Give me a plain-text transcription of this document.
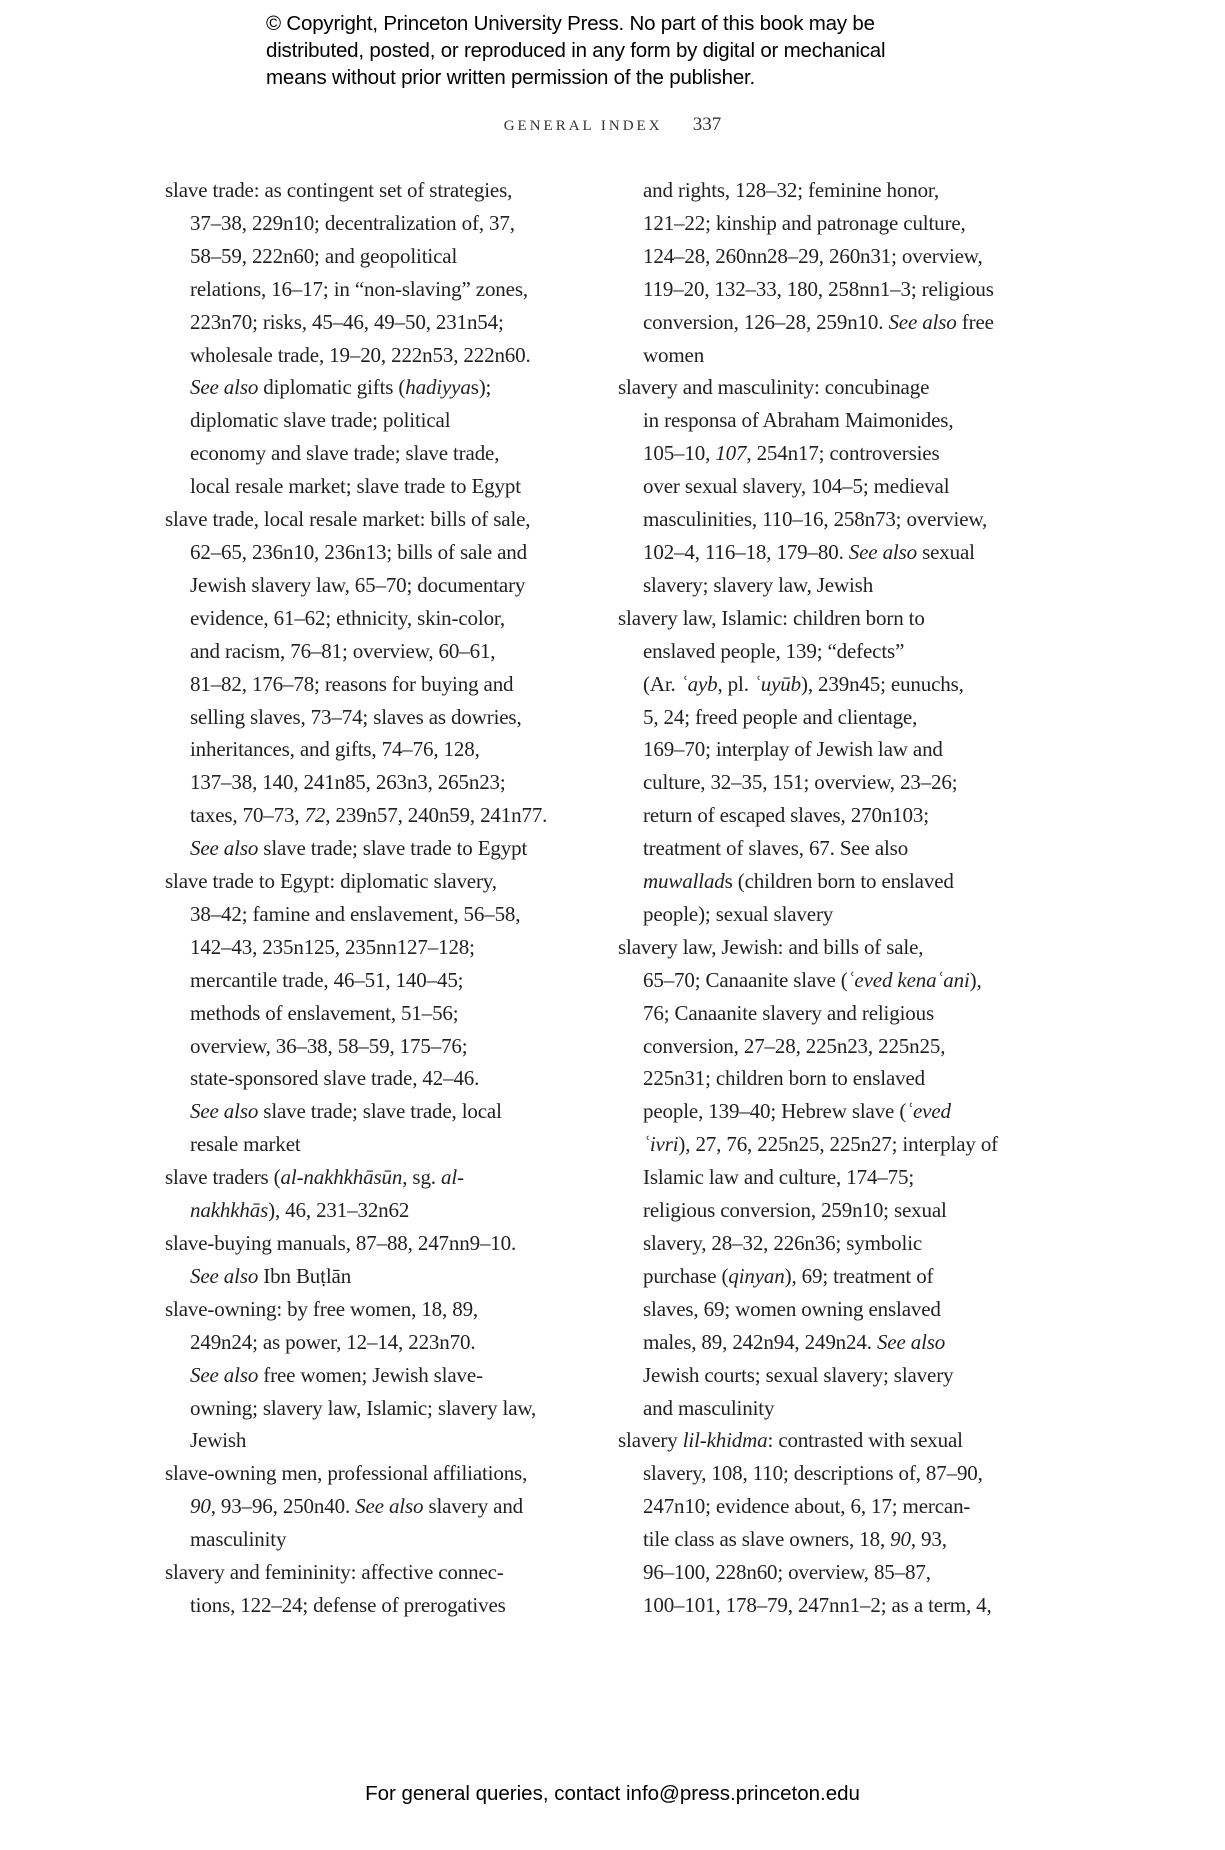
© Copyright, Princeton University Press. No part of this book may be
distributed, posted, or reproduced in any form by digital or mechanical
means without prior written permission of the publisher.
GENERAL INDEX 337
slave trade: as contingent set of strategies,
37–38, 229n10; decentralization of, 37,
58–59, 222n60; and geopolitical
relations, 16–17; in “non-slaving” zones,
223n70; risks, 45–46, 49–50, 231n54;
wholesale trade, 19–20, 222n53, 222n60.
See also diplomatic gifts (hadiyyas);
diplomatic slave trade; political
economy and slave trade; slave trade,
local resale market; slave trade to Egypt
slave trade, local resale market: bills of sale,
62–65, 236n10, 236n13; bills of sale and
Jewish slavery law, 65–70; documentary
evidence, 61–62; ethnicity, skin-color,
and racism, 76–81; overview, 60–61,
81–82, 176–78; reasons for buying and
selling slaves, 73–74; slaves as dowries,
inheritances, and gifts, 74–76, 128,
137–38, 140, 241n85, 263n3, 265n23;
taxes, 70–73, 72, 239n57, 240n59, 241n77.
See also slave trade; slave trade to Egypt
slave trade to Egypt: diplomatic slavery,
38–42; famine and enslavement, 56–58,
142–43, 235n125, 235nn127–128;
mercantile trade, 46–51, 140–45;
methods of enslavement, 51–56;
overview, 36–38, 58–59, 175–76;
state-sponsored slave trade, 42–46.
See also slave trade; slave trade, local
resale market
slave traders (al-nakhkhāsūn, sg. al-
nakhkhās), 46, 231–32n62
slave-buying manuals, 87–88, 247nn9–10.
See also Ibn Buṭlān
slave-owning: by free women, 18, 89,
249n24; as power, 12–14, 223n70.
See also free women; Jewish slave-
owning; slavery law, Islamic; slavery law,
Jewish
slave-owning men, professional affiliations,
90, 93–96, 250n40. See also slavery and
masculinity
slavery and femininity: affective connec-
tions, 122–24; defense of prerogatives
and rights, 128–32; feminine honor,
121–22; kinship and patronage culture,
124–28, 260nn28–29, 260n31; overview,
119–20, 132–33, 180, 258nn1–3; religious
conversion, 126–28, 259n10. See also free
women
slavery and masculinity: concubinage
in responsa of Abraham Maimonides,
105–10, 107, 254n17; controversies
over sexual slavery, 104–5; medieval
masculinities, 110–16, 258n73; overview,
102–4, 116–18, 179–80. See also sexual
slavery; slavery law, Jewish
slavery law, Islamic: children born to
enslaved people, 139; “defects”
(Ar. ʿayb, pl. ʿuyūb), 239n45; eunuchs,
5, 24; freed people and clientage,
169–70; interplay of Jewish law and
culture, 32–35, 151; overview, 23–26;
return of escaped slaves, 270n103;
treatment of slaves, 67. See also
muwallads (children born to enslaved
people); sexual slavery
slavery law, Jewish: and bills of sale,
65–70; Canaanite slave (ʿeved kenaʿani),
76; Canaanite slavery and religious
conversion, 27–28, 225n23, 225n25,
225n31; children born to enslaved
people, 139–40; Hebrew slave (ʿeved
ʿivri), 27, 76, 225n25, 225n27; interplay of
Islamic law and culture, 174–75;
religious conversion, 259n10; sexual
slavery, 28–32, 226n36; symbolic
purchase (qinyan), 69; treatment of
slaves, 69; women owning enslaved
males, 89, 242n94, 249n24. See also
Jewish courts; sexual slavery; slavery
and masculinity
slavery lil-khidma: contrasted with sexual
slavery, 108, 110; descriptions of, 87–90,
247n10; evidence about, 6, 17; mercan-
tile class as slave owners, 18, 90, 93,
96–100, 228n60; overview, 85–87,
100–101, 178–79, 247nn1–2; as a term, 4,
For general queries, contact info@press.princeton.edu
